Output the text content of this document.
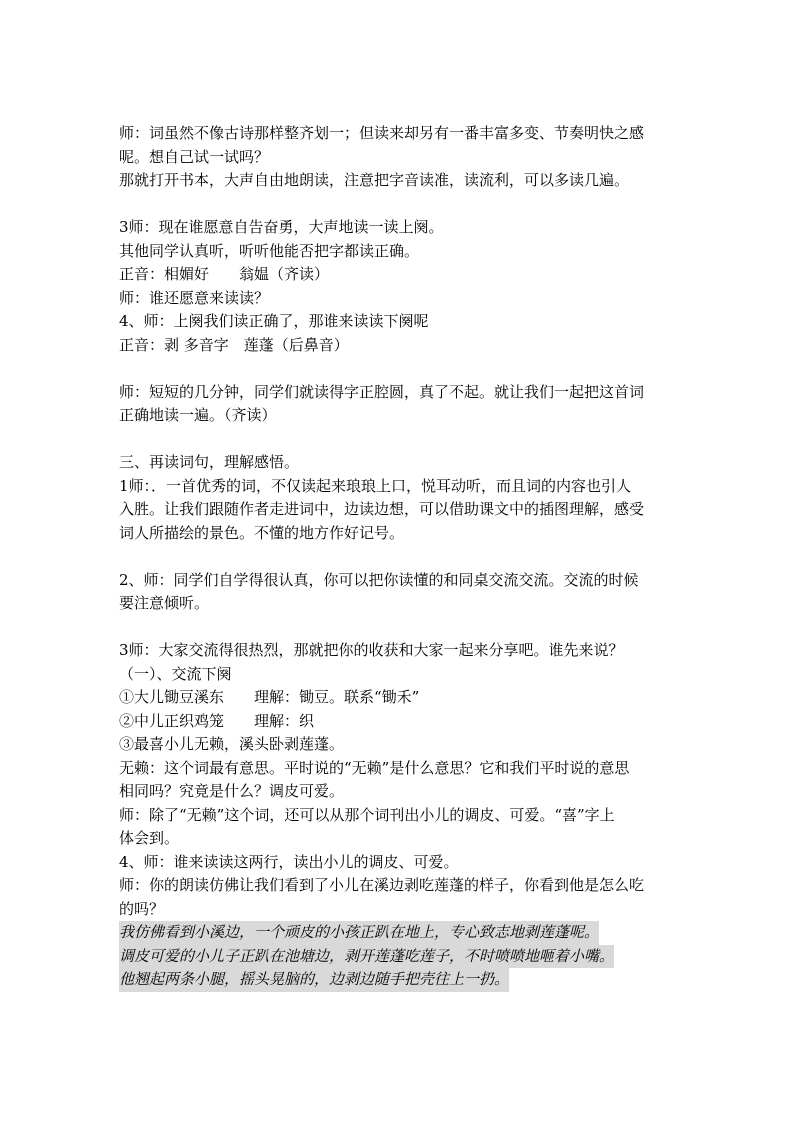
师：词虽然不像古诗那样整齐划一；但读来却另有一番丰富多变、节奏明快之感
呢。想自己试一试吗？
那就打开书本，大声自由地朗读，注意把字音读准，读流利，可以多读几遍。
3师：现在谁愿意自告奋勇，大声地读一读上阕。
其他同学认真听，听听他能否把字都读正确。
正音：相媚好　　翁媪（齐读）
师：谁还愿意来读读？
4、师：上阕我们读正确了，那谁来读读下阕呢
正音：剥 多音字　莲蓬（后鼻音）
师：短短的几分钟，同学们就读得字正腔圆，真了不起。就让我们一起把这首词
正确地读一遍。（齐读）
三、再读词句，理解感悟。
1师：．一首优秀的词，不仅读起来琅琅上口，悦耳动听，而且词的内容也引人
入胜。让我们跟随作者走进词中，边读边想，可以借助课文中的插图理解，感受
词人所描绘的景色。不懂的地方作好记号。
2、师：同学们自学得很认真，你可以把你读懂的和同桌交流交流。交流的时候
要注意倾听。
3师：大家交流得很热烈，那就把你的收获和大家一起来分享吧。谁先来说？
（一）、交流下阕
①大儿锄豆溪东　　理解：锄豆。联系“锄禾”
②中儿正织鸡笼　　理解：织
③最喜小儿无赖，溪头卧剥莲蓬。
无赖：这个词最有意思。平时说的“无赖”是什么意思？它和我们平时说的意思
相同吗？究竟是什么？调皮可爱。
师：除了“无赖”这个词，还可以从那个词刊出小儿的调皮、可爱。“喜”字上
体会到。
4、师：谁来读读这两行，读出小儿的调皮、可爱。
师：你的朗读仿佛让我们看到了小儿在溪边剥吃莲蓬的样子，你看到他是怎么吃
的吗？
我仿佛看到小溪边，一个顽皮的小孩正趴在地上，专心致志地剥莲蓬呢。
调皮可爱的小儿子正趴在池塘边，剥开莲蓬吃莲子，不时喷喷地咂着小嘴。
他翘起两条小腿，摇头晃脑的，边剥边随手把壳往上一扔。
